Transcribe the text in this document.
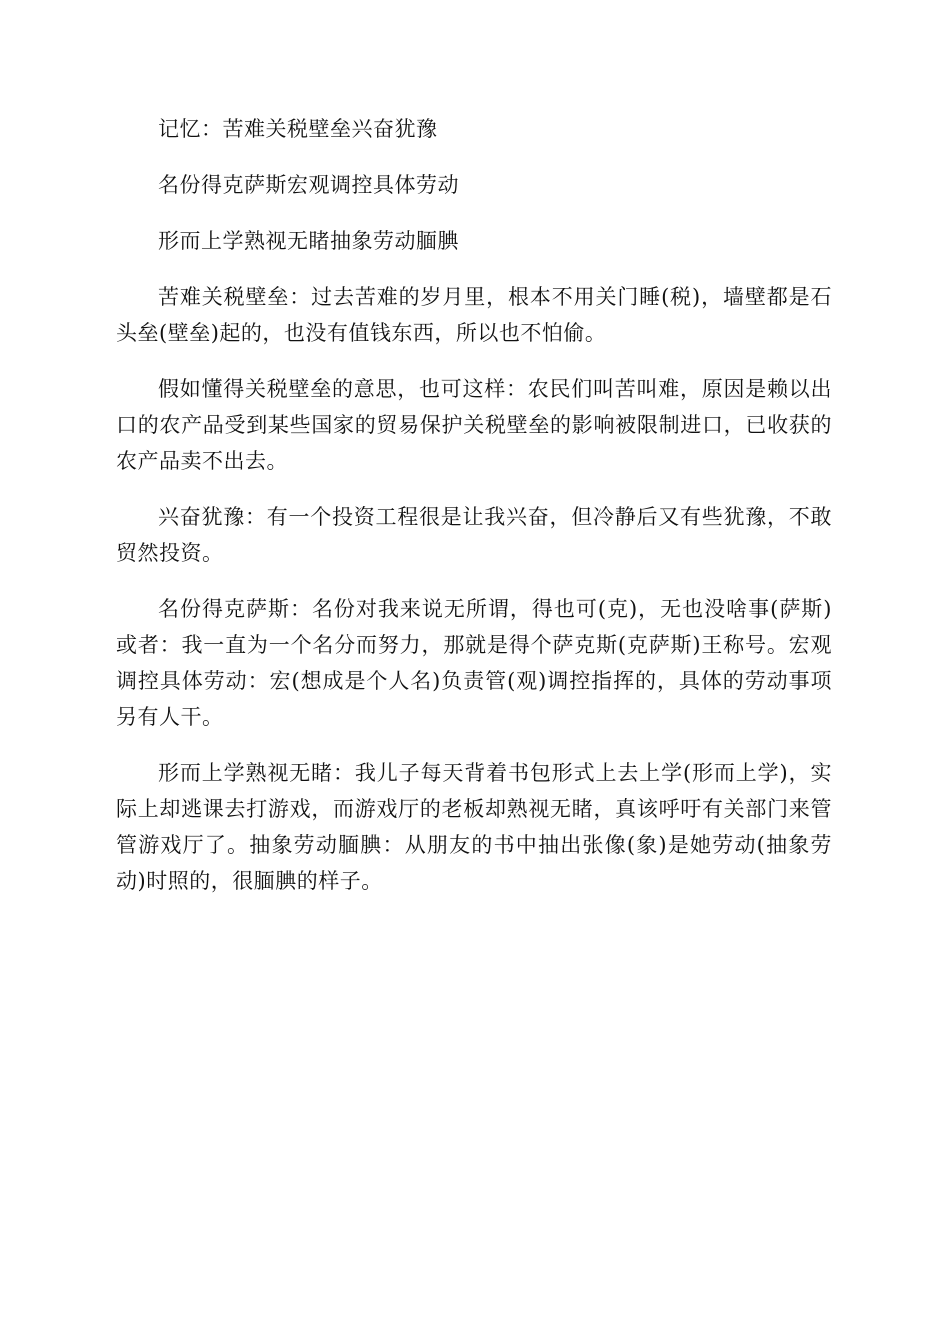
记忆：苦难关税壁垒兴奋犹豫

名份得克萨斯宏观调控具体劳动

形而上学熟视无睹抽象劳动腼腆

苦难关税壁垒：过去苦难的岁月里，根本不用关门睡(税)，墙壁都是石头垒(壁垒)起的，也没有值钱东西，所以也不怕偷。

假如懂得关税壁垒的意思，也可这样：农民们叫苦叫难，原因是赖以出口的农产品受到某些国家的贸易保护关税壁垒的影响被限制进口，已收获的农产品卖不出去。

兴奋犹豫：有一个投资工程很是让我兴奋，但冷静后又有些犹豫，不敢贸然投资。

名份得克萨斯：名份对我来说无所谓，得也可(克)，无也没啥事(萨斯)或者：我一直为一个名分而努力，那就是得个萨克斯(克萨斯)王称号。宏观调控具体劳动：宏(想成是个人名)负责管(观)调控指挥的，具体的劳动事项另有人干。

形而上学熟视无睹：我儿子每天背着书包形式上去上学(形而上学)，实际上却逃课去打游戏，而游戏厅的老板却熟视无睹，真该呼吁有关部门来管管游戏厅了。抽象劳动腼腆：从朋友的书中抽出张像(象)是她劳动(抽象劳动)时照的，很腼腆的样子。
